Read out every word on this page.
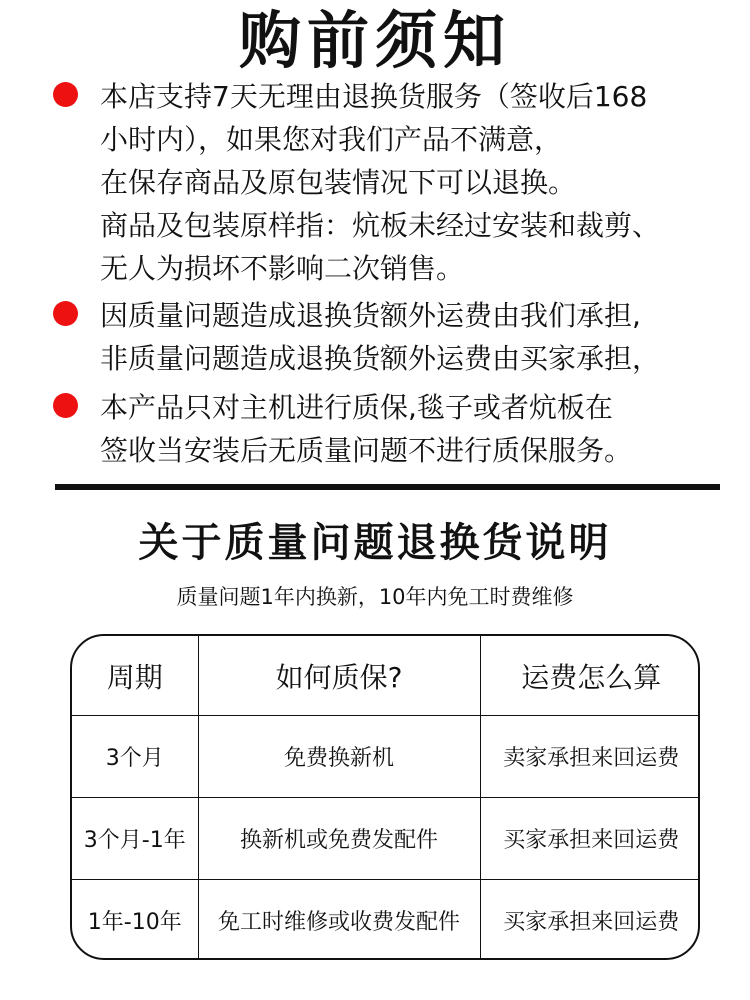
购前须知
本店支持7天无理由退换货服务（签收后168
小时内），如果您对我们产品不满意，
在保存商品及原包装情况下可以退换。
商品及包装原样指：炕板未经过安装和裁剪、
无人为损坏不影响二次销售。
因质量问题造成退换货额外运费由我们承担,
非质量问题造成退换货额外运费由买家承担，
本产品只对主机进行质保,毯子或者炕板在
签收当安装后无质量问题不进行质保服务。
关于质量问题退换货说明
质量问题1年内换新，10年内免工时费维修
周期	如何质保?	运费怎么算
3个月	免费换新机	卖家承担来回运费
3个月-1年	换新机或免费发配件	买家承担来回运费
1年-10年	免工时维修或收费发配件	买家承担来回运费
